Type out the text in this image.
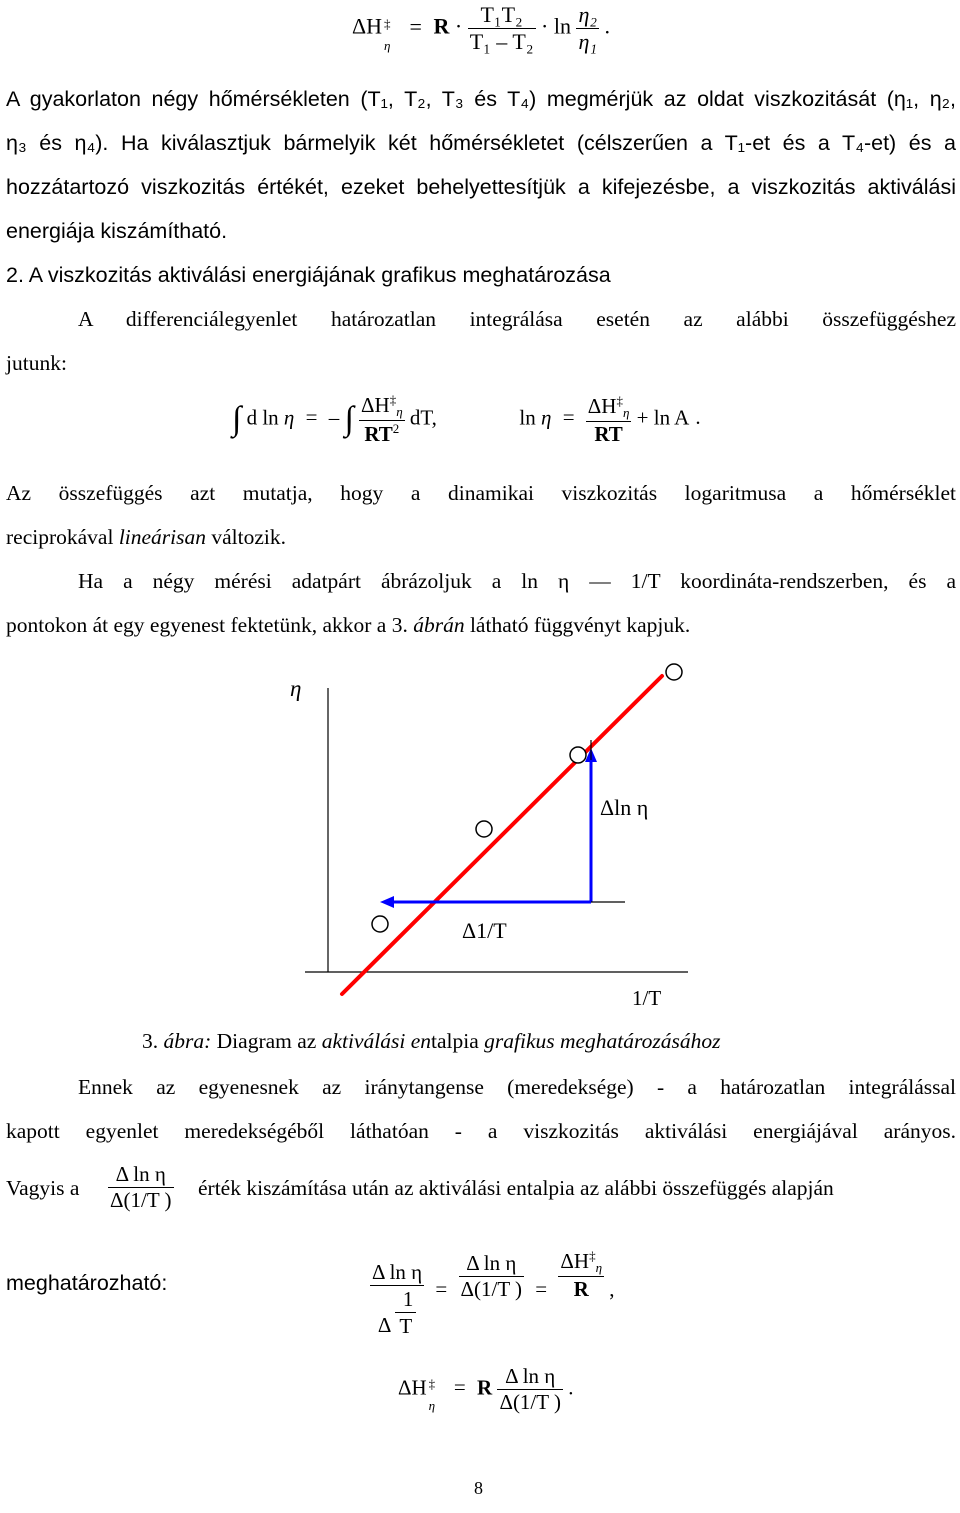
ΔH ‡
η
= $R \cdot \frac{\text{T₁T₂}}{\text{T₁ – T₂}} \cdot \ln \frac{\text{η₂}}{\text{η₁}}$ .
A gyakorlaton négy hőmérsékleten (T₁, T₂, T₃ és T₄) megmérjük az oldat viszkozitását (η₁, η₂,
η₃ és η₄). Ha kiválasztjuk bármelyik két hőmérsékletet (célszerűen a T₁-et és a T₄-et) és a
hozzátartozó viszkozitás értékét, ezeket behelyettesítjük a kifejezésbe, a viszkozitás aktiválási
energiája kiszámítható.
2. A viszkozitás aktiválási energiájának grafikus meghatározása
A differenciálegyenlet határozatlan integrálása esetén az alábbi összefüggéshez
jutunk:
∫ d ln η = – ∫ $\frac{\Delta H^\ddagger_\eta}{RT^2}$ dT,	$\ln \eta = \frac{\Delta H^\ddagger_\eta}{RT} + \ln A$ .
Az összefüggés azt mutatja, hogy a dinamikai viszkozitás logaritmusa a hőmérséklet
reciprokával lineárisan változik.
Ha a négy mérési adatpárt ábrázoljuk a ln η — 1/T koordináta-rendszerben, és a
pontokon át egy egyenest fektetünk, akkor a 3. ábrán látható függvényt kapjuk.
η
1/T
Δln η
Δ1/T
3. ábra: Diagram az aktiválási entalpia grafikus meghatározásához
Ennek az egyenesnek az iránytangense (meredeksége) - a határozatlan integrálással
kapott egyenlet meredekségéből láthatóan - a viszkozitás aktiválási energiájával arányos.
Vagyis a $\frac{\text{Δ ln η}}{\Delta(1/T )}$ érték kiszámítása után az aktiválási entalpia az alábbi összefüggés alapján
meghatározható:	Δ ln η
1
Δ $T = \frac{\text{Δ ln η}}{\Delta(1/T )} = \frac{\Delta H^\ddagger_\eta}{R}$ ,
ΔH ‡
η
= R $\frac{\text{Δ ln η}}{\Delta(1/T )}$ .
8
